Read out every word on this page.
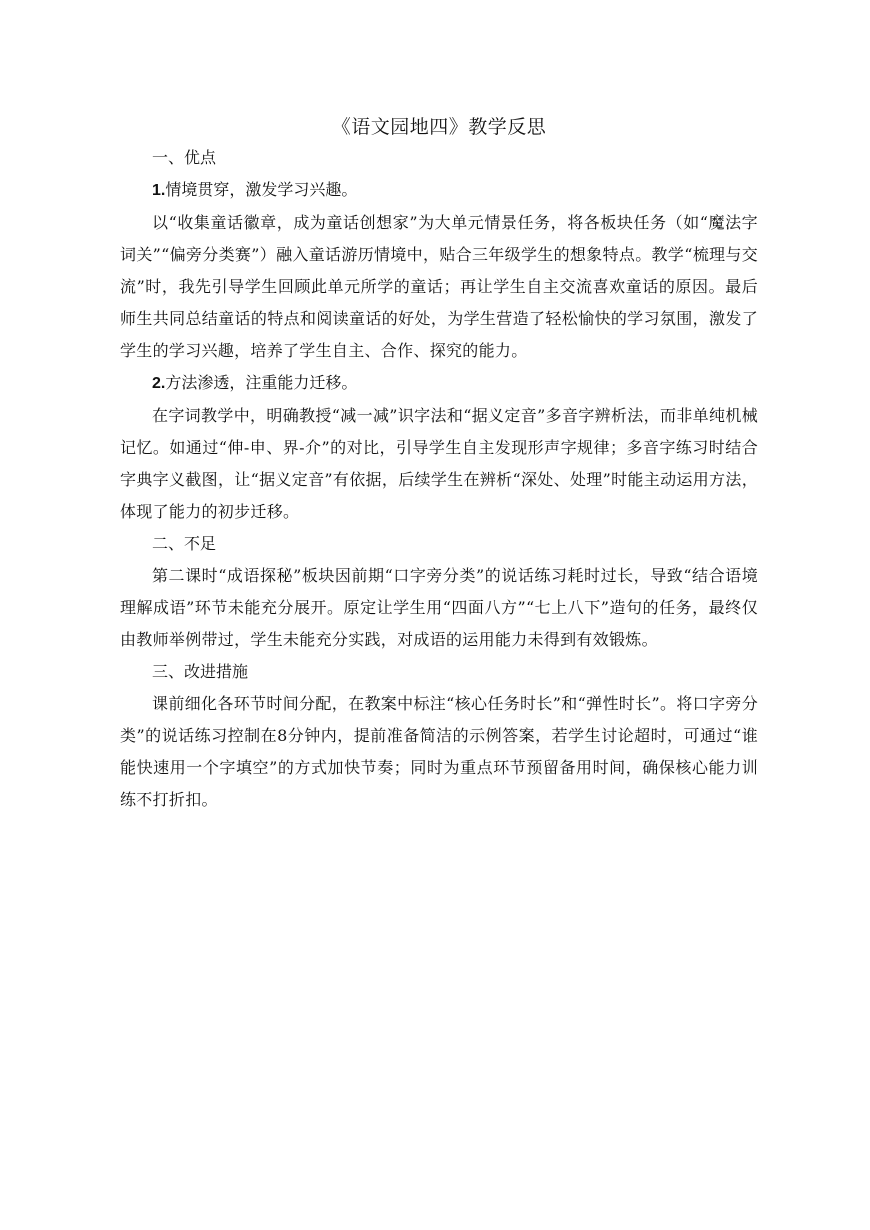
《语文园地四》教学反思

一、优点

1.情境贯穿，激发学习兴趣。

以“收集童话徽章，成为童话创想家”为大单元情景任务，将各板块任务（如“魔法字词关”“偏旁分类赛”）融入童话游历情境中，贴合三年级学生的想象特点。教学“梳理与交流”时，我先引导学生回顾此单元所学的童话；再让学生自主交流喜欢童话的原因。最后师生共同总结童话的特点和阅读童话的好处，为学生营造了轻松愉快的学习氛围，激发了学生的学习兴趣，培养了学生自主、合作、探究的能力。

2.方法渗透，注重能力迁移。

在字词教学中，明确教授“减一减”识字法和“据义定音”多音字辨析法，而非单纯机械记忆。如通过“伸-申、界-介”的对比，引导学生自主发现形声字规律；多音字练习时结合字典字义截图，让“据义定音”有依据，后续学生在辨析“深处、处理”时能主动运用方法，体现了能力的初步迁移。

二、不足

第二课时“成语探秘”板块因前期“口字旁分类”的说话练习耗时过长，导致“结合语境理解成语”环节未能充分展开。原定让学生用“四面八方”“七上八下”造句的任务，最终仅由教师举例带过，学生未能充分实践，对成语的运用能力未得到有效锻炼。

三、改进措施

课前细化各环节时间分配，在教案中标注“核心任务时长”和“弹性时长”。将口字旁分类”的说话练习控制在8分钟内，提前准备简洁的示例答案，若学生讨论超时，可通过“谁能快速用一个字填空”的方式加快节奏；同时为重点环节预留备用时间，确保核心能力训练不打折扣。
